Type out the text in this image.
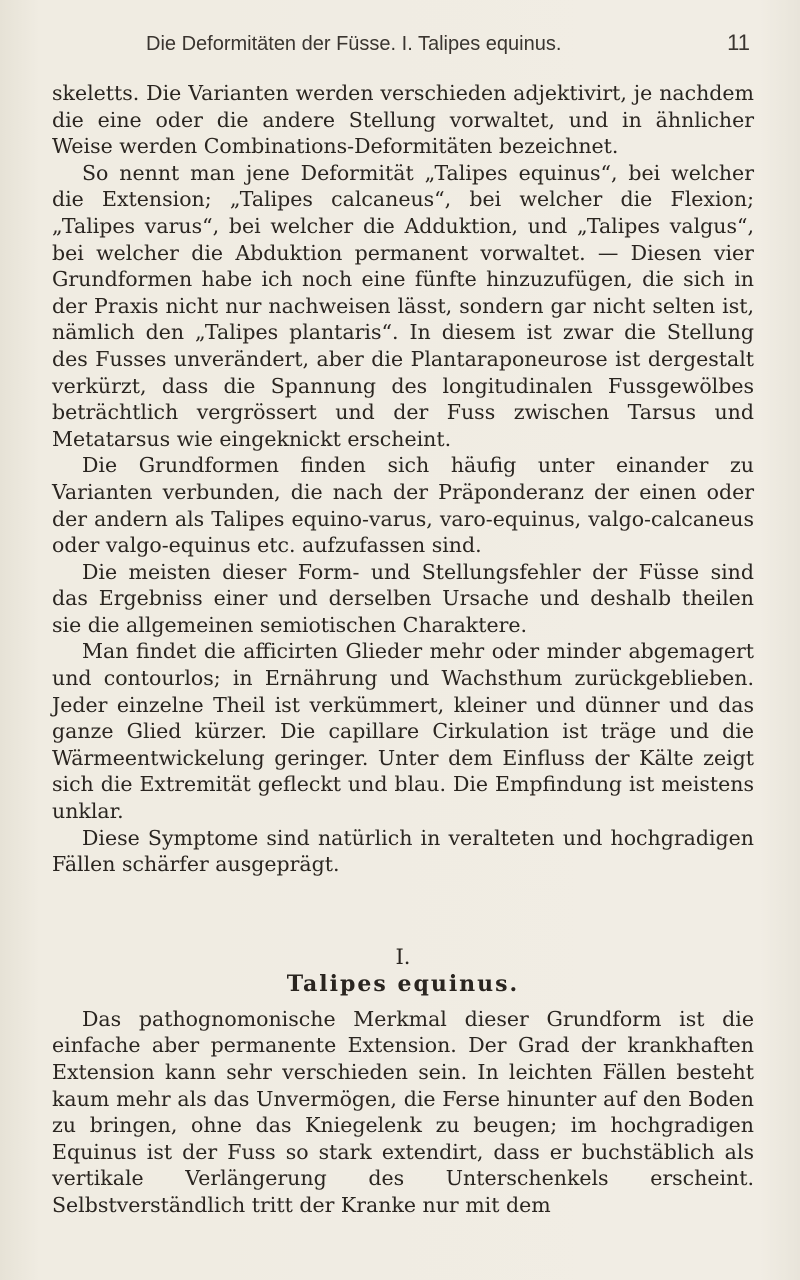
Die Deformitäten der Füsse. I. Talipes equinus.	11

skeletts. Die Varianten werden verschieden adjektivirt, je nachdem die eine oder die andere Stellung vorwaltet, und in ähnlicher Weise werden Combinations-Deformitäten bezeichnet.

So nennt man jene Deformität „Talipes equinus“, bei welcher die Extension; „Talipes calcaneus“, bei welcher die Flexion; „Talipes varus“, bei welcher die Adduktion, und „Talipes valgus“, bei welcher die Abduktion permanent vorwaltet. — Diesen vier Grundformen habe ich noch eine fünfte hinzuzufügen, die sich in der Praxis nicht nur nachweisen lässt, sondern gar nicht selten ist, nämlich den „Talipes plantaris“. In diesem ist zwar die Stellung des Fusses unverändert, aber die Plantaraponeurose ist dergestalt verkürzt, dass die Spannung des longitudinalen Fussgewölbes beträchtlich vergrössert und der Fuss zwischen Tarsus und Metatarsus wie eingeknickt erscheint.

Die Grundformen finden sich häufig unter einander zu Varianten verbunden, die nach der Präponderanz der einen oder der andern als Talipes equino-varus, varo-equinus, valgo-calcaneus oder valgo-equinus etc. aufzufassen sind.

Die meisten dieser Form- und Stellungsfehler der Füsse sind das Ergebniss einer und derselben Ursache und deshalb theilen sie die allgemeinen semiotischen Charaktere.

Man findet die afficirten Glieder mehr oder minder abgemagert und contourlos; in Ernährung und Wachsthum zurückgeblieben. Jeder einzelne Theil ist verkümmert, kleiner und dünner und das ganze Glied kürzer. Die capillare Cirkulation ist träge und die Wärmeentwickelung geringer. Unter dem Einfluss der Kälte zeigt sich die Extremität gefleckt und blau. Die Empfindung ist meistens unklar.

Diese Symptome sind natürlich in veralteten und hochgradigen Fällen schärfer ausgeprägt.

I.
Talipes equinus.

Das pathognomonische Merkmal dieser Grundform ist die einfache aber permanente Extension. Der Grad der krankhaften Extension kann sehr verschieden sein. In leichten Fällen besteht kaum mehr als das Unvermögen, die Ferse hinunter auf den Boden zu bringen, ohne das Kniegelenk zu beugen; im hochgradigen Equinus ist der Fuss so stark extendirt, dass er buchstäblich als vertikale Verlängerung des Unterschenkels erscheint. Selbstverständlich tritt der Kranke nur mit dem
